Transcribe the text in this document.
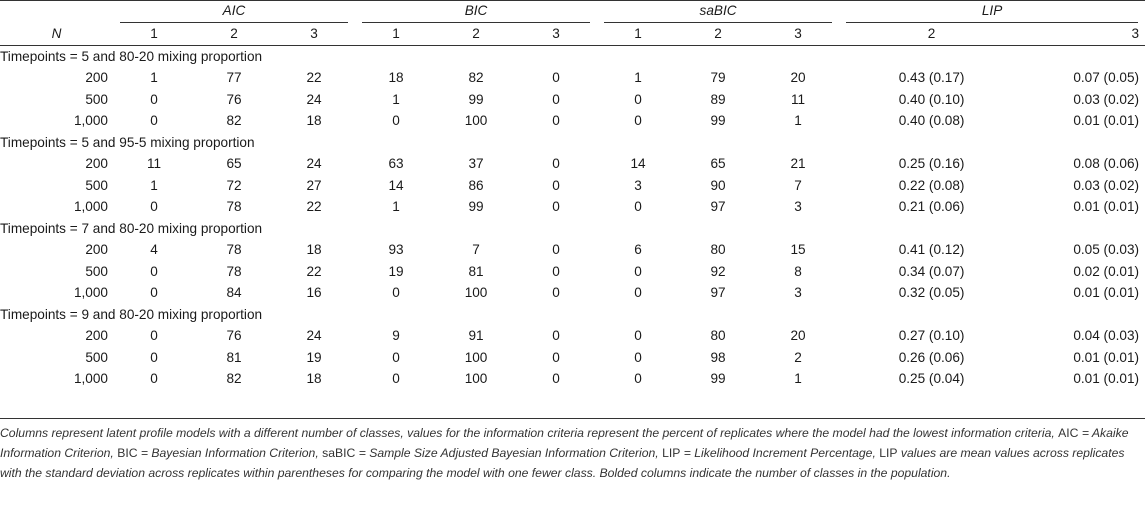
	AIC			BIC			saBIC			LIP	
N	1	2	3	1	2	3	1	2	3	2	3
Timepoints = 5 and 80-20 mixing proportion											
200	1	77	22	18	82	0	1	79	20	0.43 (0.17)	0.07 (0.05)
500	0	76	24	1	99	0	0	89	11	0.40 (0.10)	0.03 (0.02)
1,000	0	82	18	0	100	0	0	99	1	0.40 (0.08)	0.01 (0.01)
Timepoints = 5 and 95-5 mixing proportion											
200	11	65	24	63	37	0	14	65	21	0.25 (0.16)	0.08 (0.06)
500	1	72	27	14	86	0	3	90	7	0.22 (0.08)	0.03 (0.02)
1,000	0	78	22	1	99	0	0	97	3	0.21 (0.06)	0.01 (0.01)
Timepoints = 7 and 80-20 mixing proportion											
200	4	78	18	93	7	0	6	80	15	0.41 (0.12)	0.05 (0.03)
500	0	78	22	19	81	0	0	92	8	0.34 (0.07)	0.02 (0.01)
1,000	0	84	16	0	100	0	0	97	3	0.32 (0.05)	0.01 (0.01)
Timepoints = 9 and 80-20 mixing proportion											
200	0	76	24	9	91	0	0	80	20	0.27 (0.10)	0.04 (0.03)
500	0	81	19	0	100	0	0	98	2	0.26 (0.06)	0.01 (0.01)
1,000	0	82	18	0	100	0	0	99	1	0.25 (0.04)	0.01 (0.01)
Columns represent latent profile models with a different number of classes, values for the information criteria represent the percent of replicates where the model had the lowest information criteria, AIC = Akaike Information Criterion, BIC = Bayesian Information Criterion, saBIC = Sample Size Adjusted Bayesian Information Criterion, LIP = Likelihood Increment Percentage, LIP values are mean values across replicates with the standard deviation across replicates within parentheses for comparing the model with one fewer class. Bolded columns indicate the number of classes in the population.
